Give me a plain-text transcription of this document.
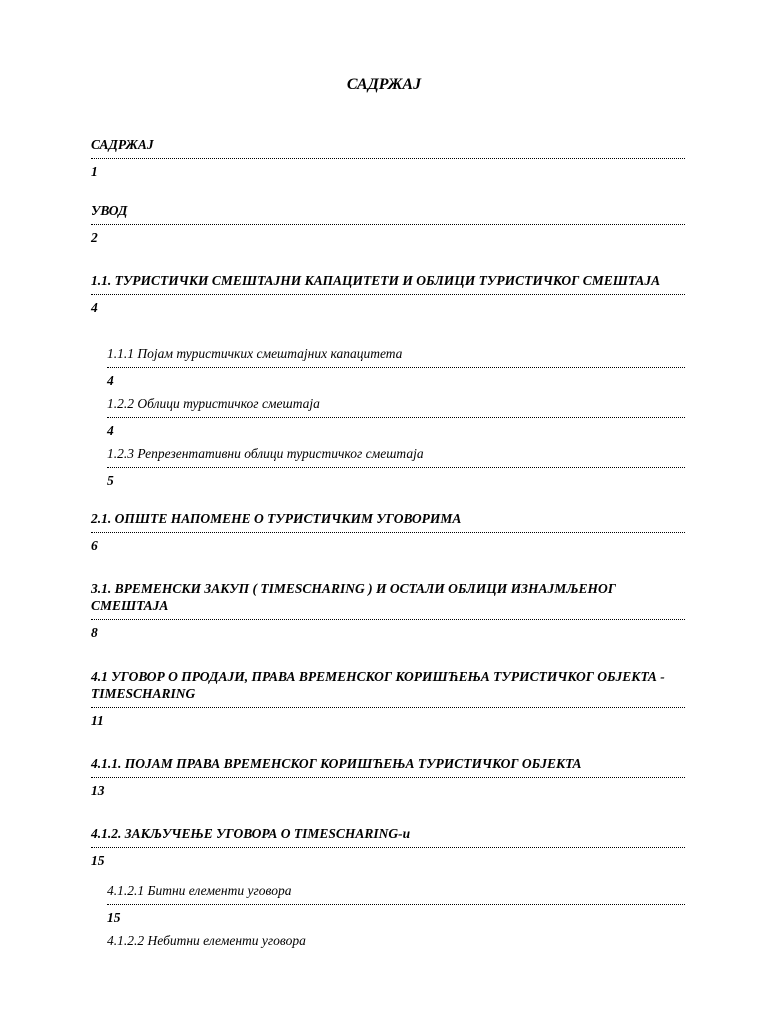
САДРЖАЈ
САДРЖАЈ
1
УВОД
2
1.1. ТУРИСТИЧКИ СМЕШТАЈНИ КАПАЦИТЕТИ И ОБЛИЦИ ТУРИСТИЧКОГ СМЕШТАЈА
4
1.1.1 Појам туристичких смештајних капацитета
4
1.2.2 Облици туристичког смештаја
4
1.2.3 Репрезентативни облици туристичког смештаја
5
2.1. ОПШТЕ НАПОМЕНЕ О ТУРИСТИЧКИМ УГОВОРИМА
6
3.1. ВРЕМЕНСКИ ЗАКУП ( TIMESCHARING ) И ОСТАЛИ ОБЛИЦИ ИЗНАЈМЉЕНОГ СМЕШТАЈА
8
4.1 УГОВОР О ПРОДАЈИ, ПРАВА ВРЕМЕНСКОГ КОРИШЋЕЊА ТУРИСТИЧКОГ ОБЈЕКТА - TIMESCHARING
11
4.1.1. ПОЈАМ ПРАВА ВРЕМЕНСКОГ КОРИШЋЕЊА ТУРИСТИЧКОГ ОБЈЕКТА
13
4.1.2. ЗАКЉУЧЕЊЕ УГОВОРА О TIMESCHARING-u
15
4.1.2.1 Битни елементи уговора
15
4.1.2.2 Небитни елементи уговора
